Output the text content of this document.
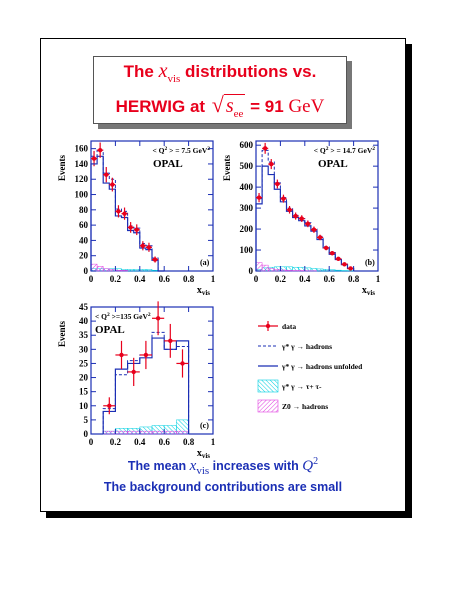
The $x_{vis}$ distributions vs.
HERWIG at √ $s_{ee} = 91$ GeV
0 0.2 0.4 0.6 0.8 1
0
20
40
60
80
100
120
140
160
Events
$x_{vis}$
< $Q^2$ > = 7.5 GeV$^2$
OPAL
(a)
0 0.2 0.4 0.6 0.8 1
0
100
200
300
400
500
600
Events
$x_{vis}$
< $Q^2$ > = 14.7 GeV$^2$
OPAL
(b)
0 0.2 0.4 0.6 0.8 1
0
5
10
15
20
25
30
35
40
45
Events
$x_{vis}$
< $Q^2 >=135$ GeV$^2$
OPAL
(c)
data
γ* γ → hadrons
γ* γ → hadrons unfolded
γ* γ → τ+ τ-
Z0 → hadrons
The mean $x_{vis}$ increases with $Q^2$
The background contributions are small
